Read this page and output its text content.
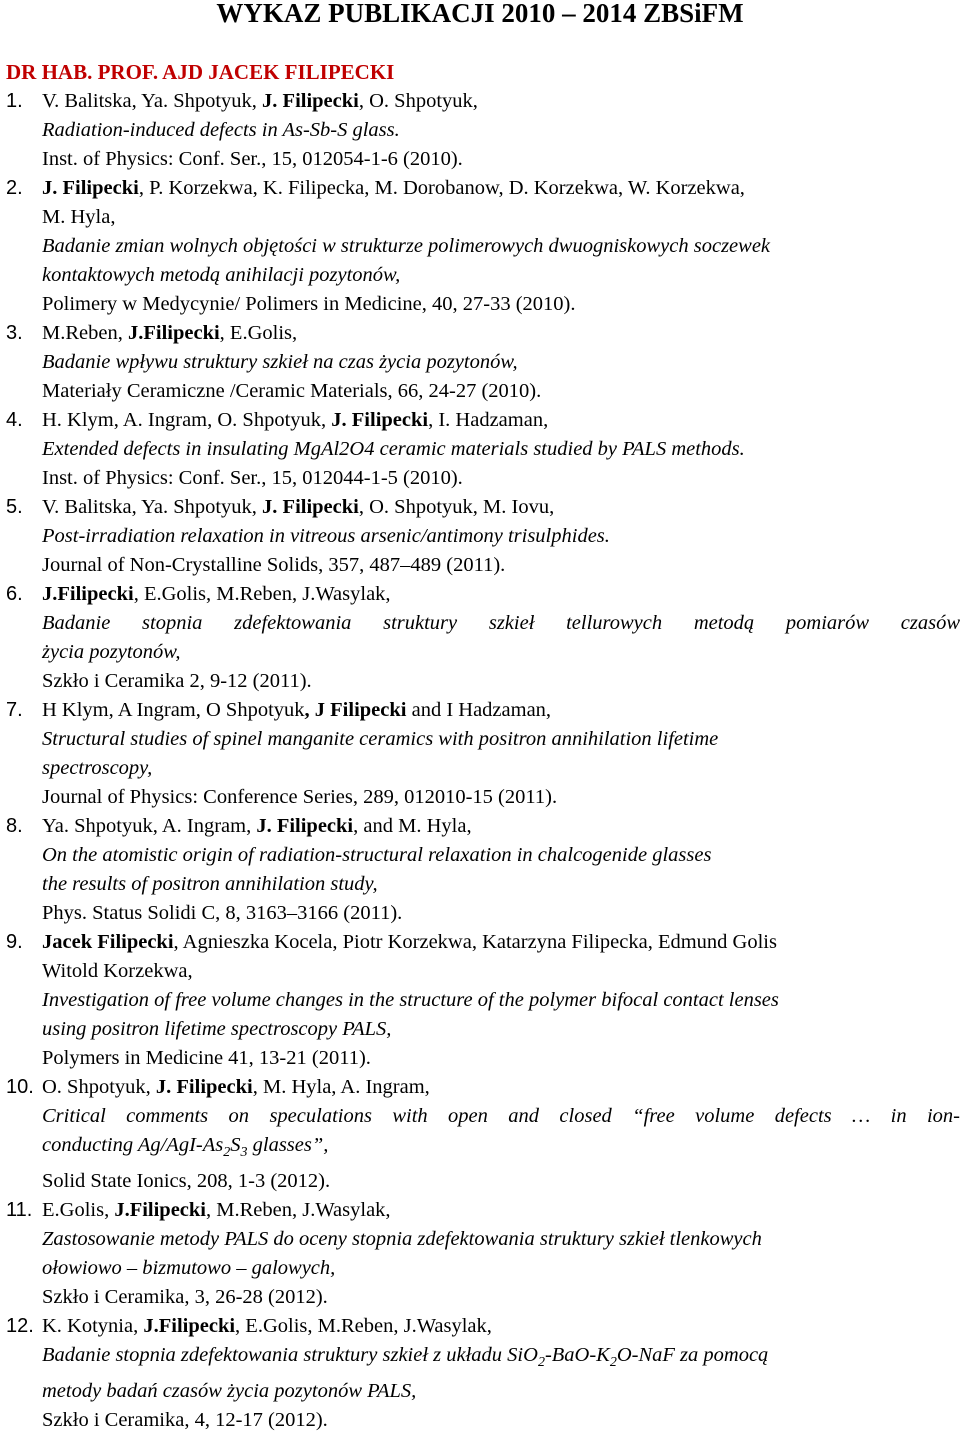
WYKAZ PUBLIKACJI 2010 – 2014 ZBSiFM
DR HAB. PROF. AJD JACEK FILIPECKI
1. V. Balitska, Ya. Shpotyuk, J. Filipecki, O. Shpotyuk,
Radiation-induced defects in As-Sb-S glass.
Inst. of Physics: Conf. Ser., 15, 012054-1-6 (2010).
2. J. Filipecki, P. Korzekwa, K. Filipecka, M. Dorobanow, D. Korzekwa, W. Korzekwa,
M. Hyla,
Badanie zmian wolnych objętości w strukturze polimerowych dwuogniskowych soczewek
kontaktowych metodą anihilacji pozytonów,
Polimery w Medycynie/ Polimers in Medicine, 40, 27-33 (2010).
3. M.Reben, J.Filipecki, E.Golis,
Badanie wpływu struktury szkieł na czas życia pozytonów,
Materiały Ceramiczne /Ceramic Materials, 66, 24-27 (2010).
4. H. Klym, A. Ingram, O. Shpotyuk, J. Filipecki, I. Hadzaman,
Extended defects in insulating MgAl2O4 ceramic materials studied by PALS methods.
Inst. of Physics: Conf. Ser., 15, 012044-1-5 (2010).
5. V. Balitska, Ya. Shpotyuk, J. Filipecki, O. Shpotyuk, M. Iovu,
Post-irradiation relaxation in vitreous arsenic/antimony trisulphides.
Journal of Non-Crystalline Solids, 357, 487–489 (2011).
6. J.Filipecki, E.Golis, M.Reben, J.Wasylak,
Badanie stopnia zdefektowania struktury szkieł tellurowych metodą pomiarów czasów
życia pozytonów,
Szkło i Ceramika 2, 9-12 (2011).
7. H Klym, A Ingram, O Shpotyuk, J Filipecki and I Hadzaman,
Structural studies of spinel manganite ceramics with positron annihilation lifetime
spectroscopy,
Journal of Physics: Conference Series, 289, 012010-15 (2011).
8. Ya. Shpotyuk, A. Ingram, J. Filipecki, and M. Hyla,
On the atomistic origin of radiation-structural relaxation in chalcogenide glasses
the results of positron annihilation study,
Phys. Status Solidi C, 8, 3163–3166 (2011).
9. Jacek Filipecki, Agnieszka Kocela, Piotr Korzekwa, Katarzyna Filipecka, Edmund Golis
Witold Korzekwa,
Investigation of free volume changes in the structure of the polymer bifocal contact lenses
using positron lifetime spectroscopy PALS,
Polymers in Medicine 41, 13-21 (2011).
10. O. Shpotyuk, J. Filipecki, M. Hyla, A. Ingram,
Critical comments on speculations with open and closed “free volume defects … in ion-
conducting $Ag/AgI-As_2S_3$ glasses”,
Solid State Ionics, 208, 1-3 (2012).
11. E.Golis, J.Filipecki, M.Reben, J.Wasylak,
Zastosowanie metody PALS do oceny stopnia zdefektowania struktury szkieł tlenkowych
ołowiowo – bizmutowo – galowych,
Szkło i Ceramika, 3, 26-28 (2012).
12. K. Kotynia, J.Filipecki, E.Golis, M.Reben, J.Wasylak,
Badanie stopnia zdefektowania struktury szkieł z układu $SiO_2-BaO-K_2O$-NaF za pomocą
metody badań czasów życia pozytonów PALS,
Szkło i Ceramika, 4, 12-17 (2012).
